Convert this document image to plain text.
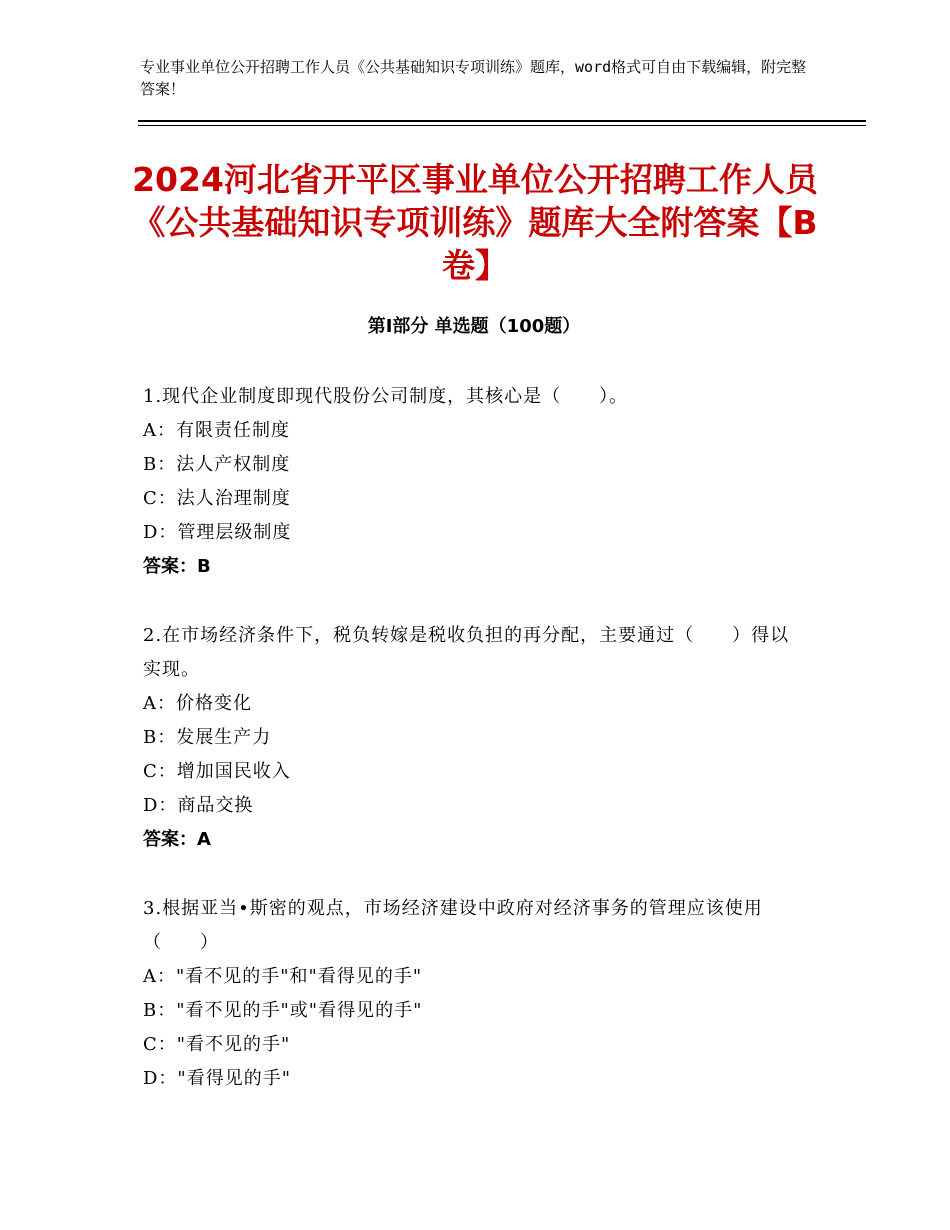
专业事业单位公开招聘工作人员《公共基础知识专项训练》题库，word格式可自由下载编辑，附完整答案！
2024河北省开平区事业单位公开招聘工作人员《公共基础知识专项训练》题库大全附答案【B卷】
第Ⅰ部分 单选题（100题）
1.现代企业制度即现代股份公司制度，其核心是（　　）。
A：有限责任制度
B：法人产权制度
C：法人治理制度
D：管理层级制度
答案：B
2.在市场经济条件下，税负转嫁是税收负担的再分配，主要通过（　　）得以实现。
A：价格变化
B：发展生产力
C：增加国民收入
D：商品交换
答案：A
3.根据亚当•斯密的观点，市场经济建设中政府对经济事务的管理应该使用（　　）
A："看不见的手"和"看得见的手"
B："看不见的手"或"看得见的手"
C："看不见的手"
D："看得见的手"
